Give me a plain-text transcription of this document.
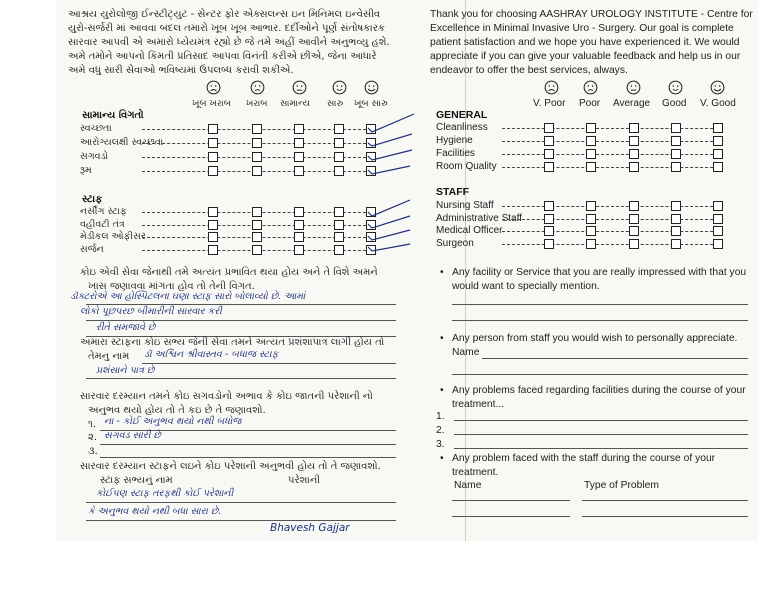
આશ્રય યુરોલોજી ઈન્સ્ટીટ્યુટ - સેન્ટર ફોર એક્સલન્સ ઇન મિનિમલ ઇન્વેસીવ
યુરો-સર્જરી માં આવવા બદલ તમારો ખૂબ ખૂબ આભાર. દર્દીઓને પૂર્ણ સંતોષકારક
સારવાર આપવી એ અમારો ધ્યેયમંત્ર રહ્યો છે જે તમે અહીં આવીને અનુભવ્યુ હશે.
અમે તમોને આપનો કિંમતી પ્રતિસાદ આપવા વિનંતી કરીએ છીએ, જેના આધારે
અમે વધુ સારી સેવાઓ ભવિષ્યમાં ઉપલબ્ધ કરાવી શકીએ.
ખૂબ ખરાબ ખરાબ સામાન્ય સારુ ખૂબ સારુ
સામાન્ય વિગતો
સ્વચ્છતા
આરોગ્યલક્ષી સ્વચ્છતા
સગવડો
રૂમ
સ્ટાફ
નર્સીંગ સ્ટાફ
વહીવટી તંત્ર
મેડીકલ ઓફીસર
સર્જન
કોઇ એવી સેવા જેનાથી તમે અત્યંત પ્રભાવિત થયા હોય અને તે વિશે અમને
ખાસ જણાવવા માંગતા હોવ તો તેની વિગત.
ડૉક્ટરોએ આ હોસ્પિટલના ઘણા સ્ટાફ સારો બોલાવ્યો છે. આમાં
લોકો પૂછપરછ બીમારીની સારવાર કરી
રીતે સમજાવે છે
અમારા સ્ટાફના કોઇ સભ્ય જેની સેવા તમને અત્યંત પ્રશંશાપાત્ર લાગી હોય તો
તેમનુ નામ ડૉ અશ્વિન શ્રીવાસ્તવ - બધાજ સ્ટાફ
પ્રશંસાને પાત્ર છે
સારવાર દરમ્યાન તમને કોઇ સગવડોનો અભાવ કે કોઇ જાતની પરેશાની નો
અનુભવ થયો હોય તો તે કઇ છે તે જણાવશો.
૧. ના - કોઈ અનુભવ થયો નથી બધોજ
૨. સગવડ સારી છે
૩.
સારવાર દરમ્યાન સ્ટાફને લઇને કોઇ પરેશાની અનુભવી હોય તો તે જણાવશો.
સ્ટાફ સભ્યનું નામ	પરેશાની
કોઈપણ સ્ટાફ તરફથી કોઈ પરેશાની
કે અનુભવ થયો નથી બધા સારા છે.
Bhavesh Gajjar
Thank you for choosing AASHRAY UROLOGY INSTITUTE - Centre for
Excellence in Minimal Invasive Uro - Surgery. Our goal is complete
patient satisfaction and we hope you have experienced it. We would
appreciate if you can give your valuable feedback and help us in our
endeavor to offer the best services, always.
V. Poor Poor Average Good V. Good
GENERAL
Cleanliness
Hygiene
Facilities
Room Quality
STAFF
Nursing Staff
Administrative Staff
Medical Officer
Surgeon
• Any facility or Service that you are really impressed with that you
would want to specially mention.
• Any person from staff you would wish to personally appreciate.
Name
• Any problems faced regarding facilities during the course of your
treatment...
1.
2.
3.
• Any problem faced with the staff during the course of your
treatment.
Name	Type of Problem
